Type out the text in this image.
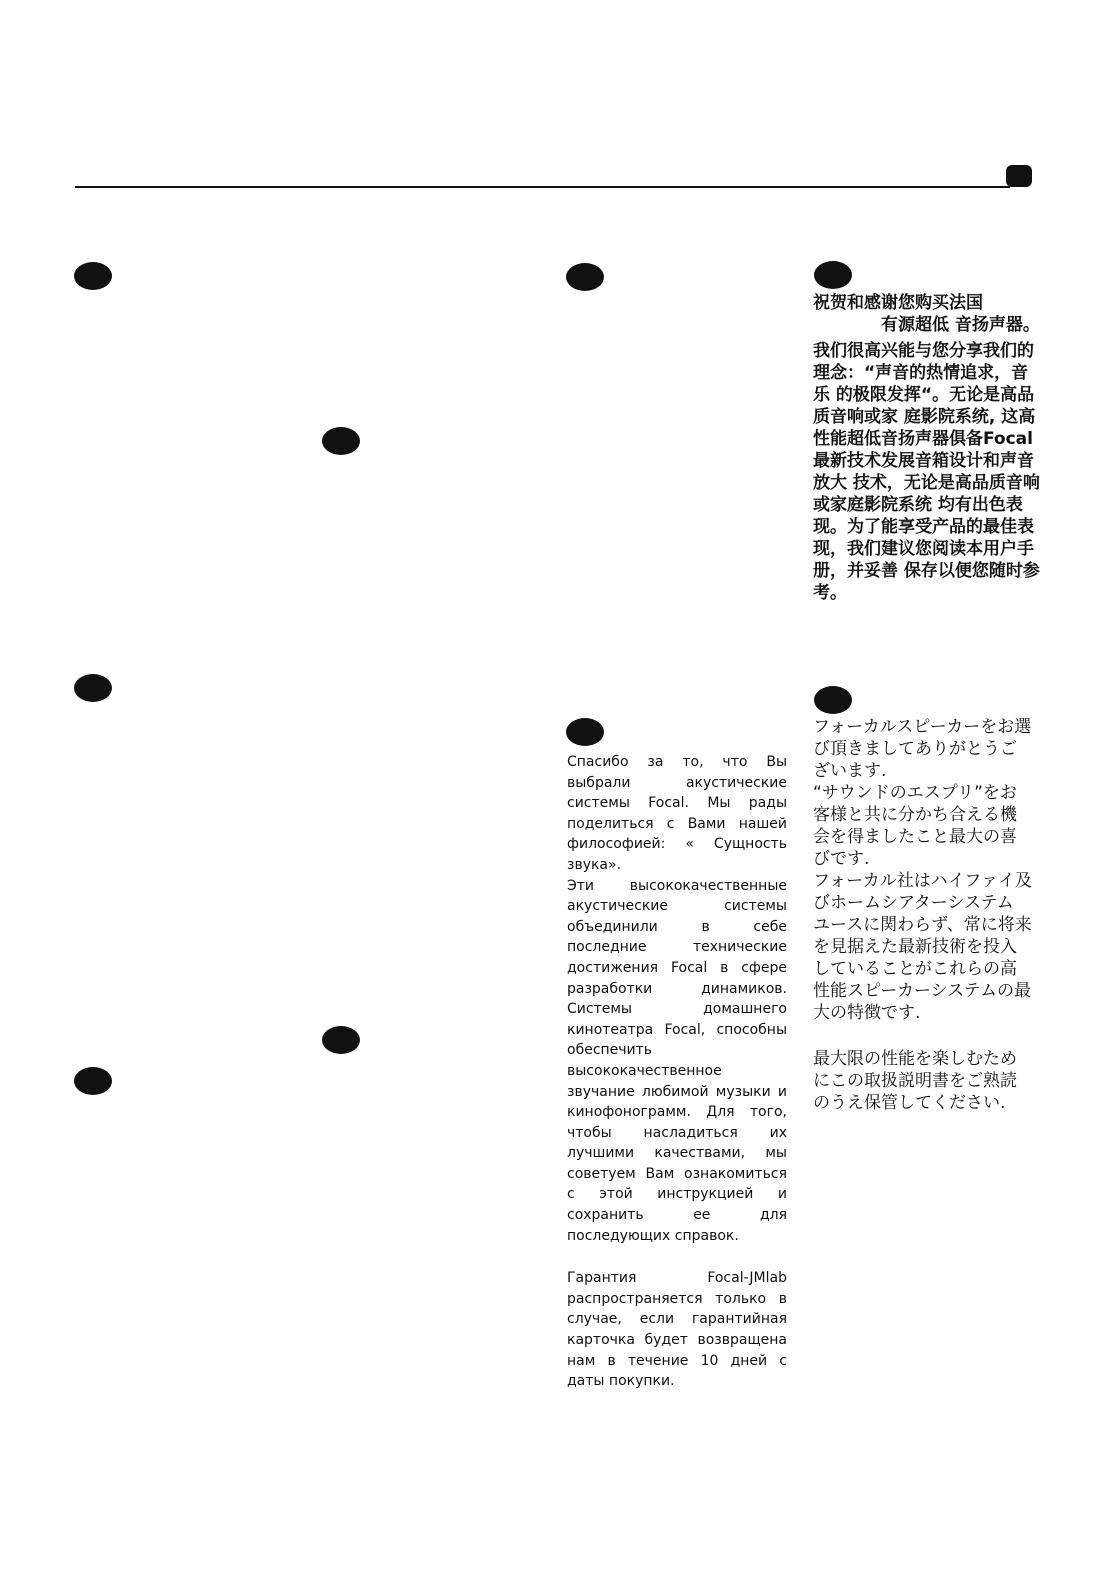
Спасибо за то, что Вы выбрали акустические системы Focal. Мы рады поделиться с Вами нашей философией: « Сущность звука».
Эти высококачественные акустические системы объединили в себе последние технические достижения Focal в сфере разработки динамиков. Системы домашнего кинотеатра Focal, способны обеспечить высококачественное звучание любимой музыки и кинофонограмм. Для того, чтобы насладиться их лучшими качествами, мы советуем Вам ознакомиться с этой инструкцией и сохранить ее для последующих справок.

Гарантия Focal-JMlab распространяется только в случае, если гарантийная карточка будет возвращена нам в течение 10 дней с даты покупки.

祝贺和感谢您购买法国
　　　　有源超低 音扬声器。

我们很高兴能与您分享我们的理念：“声音的热情追求，音乐 的极限发挥“。无论是高品质音响或家 庭影院系统, 这高性能超低音扬声器俱备Focal最新技术发展音箱设计和声音放大 技术，无论是高品质音响或家庭影院系统 均有出色表现。为了能享受产品的最佳表 现，我们建议您阅读本用户手册，并妥善 保存以便您随时参考。

フォーカルスピーカーをお選び頂きましてありがとうございます.
“サウンドのエスプリ”をお客様と共に分かち合える機会を得ましたこと最大の喜びです.
フォーカル社はハイファイ及びホームシアターシステム　ユースに関わらず、常に将来を見据えた最新技術を投入していることがこれらの高性能スピーカーシステムの最大の特徴です.

最大限の性能を楽しむためにこの取扱説明書をご熟読のうえ保管してください.
